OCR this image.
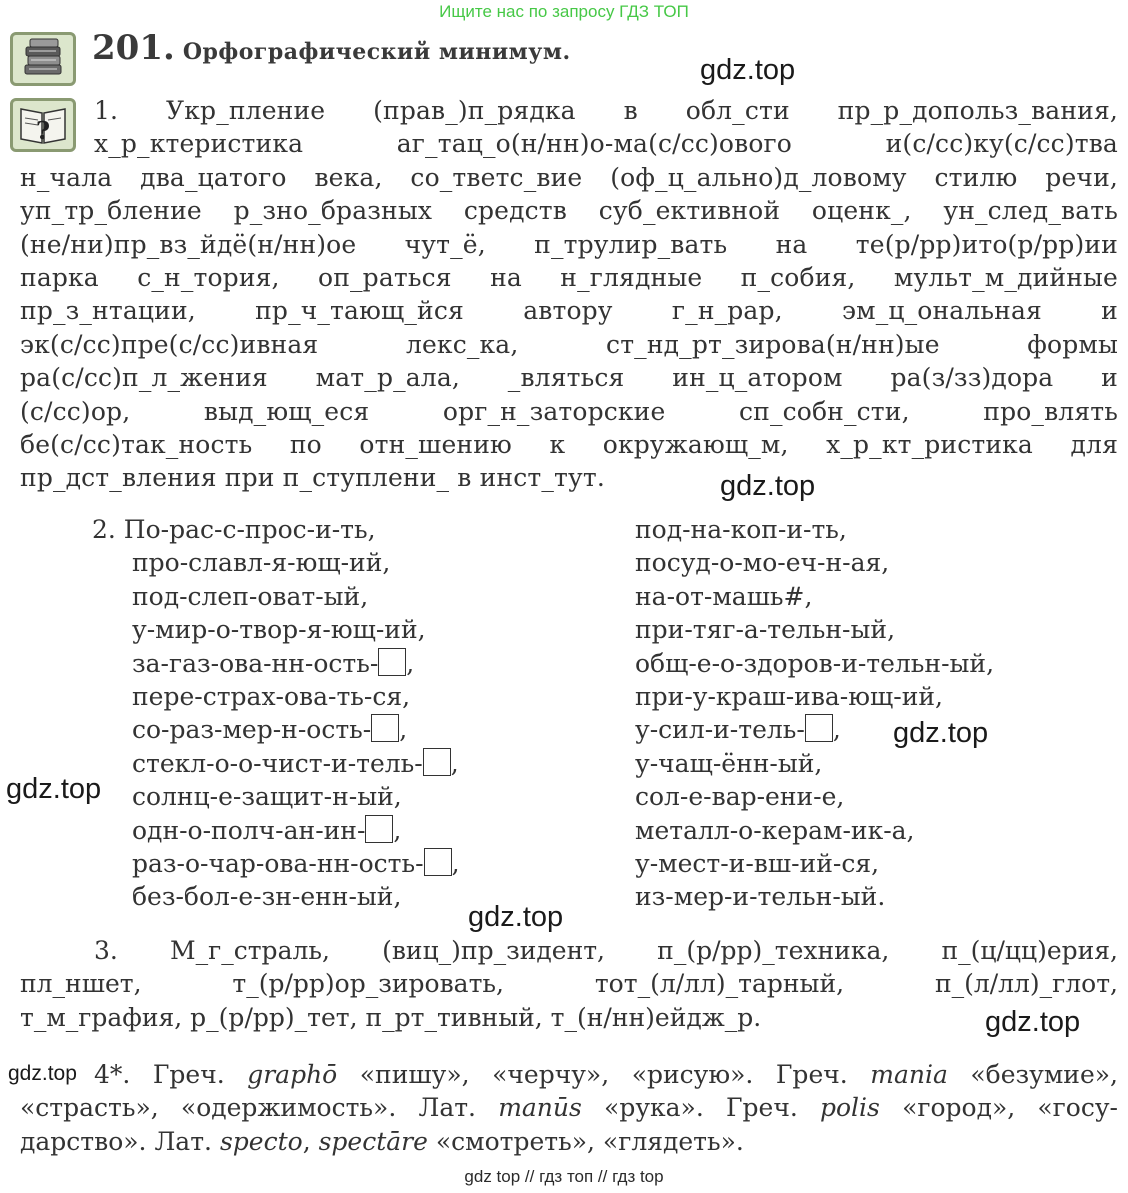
Ищите нас по запросу ГДЗ ТОП
?
201. Орфографический минимум.
1. Укр_пление (прав_)п_рядка в обл_сти пр_р_допольз_вания,
х_р_ктеристика аг_тац_о(н/нн)о-ма(с/сс)ового и(с/сс)ку(с/сс)тва
н_чала два_цатого века, со_тветс_вие (оф_ц_ально)д_ловому стилю речи,
уп_тр_бление р_зно_бразных средств суб_ективной оценк_, ун_след_вать
(не/ни)пр_вз_йдё(н/нн)ое чут_ё, п_трулир_вать на те(р/рр)ито(р/рр)ии
парка с_н_тория, оп_раться на н_глядные п_собия, мульт_м_дийные
пр_з_нтации, пр_ч_тающ_йся автору г_н_рар, эм_ц_ональная и
эк(с/сс)пре(с/сс)ивная лекс_ка, ст_нд_рт_зирова(н/нн)ые формы
ра(с/сс)п_л_жения мат_р_ала, _вляться ин_ц_атором ра(з/зз)дора и
(с/сс)ор, выд_ющ_еся орг_н_заторские сп_собн_сти, про_влять
бе(с/сс)так_ность по отн_шению к окружающ_м, х_р_кт_ристика для
пр_дст_вления при п_ступлени_ в инст_тут.
2. По-рас-с-прос-и-ть,
про-славл-я-ющ-ий,
под-слеп-оват-ый,
у-мир-о-твор-я-ющ-ий,
за-газ-ова-нн-ость- ,
пере-страх-ова-ть-ся,
со-раз-мер-н-ость- ,
стекл-о-о-чист-и-тель- ,
солнц-е-защит-н-ый,
одн-о-полч-ан-ин- ,
раз-о-чар-ова-нн-ость- ,
без-бол-е-зн-енн-ый,
под-на-коп-и-ть,
посуд-о-мо-еч-н-ая,
на-от-машь#,
при-тяг-а-тельн-ый,
общ-е-о-здоров-и-тельн-ый,
при-у-краш-ива-ющ-ий,
у-сил-и-тель- ,
у-чащ-ённ-ый,
сол-е-вар-ени-е,
металл-о-керам-ик-а,
у-мест-и-вш-ий-ся,
из-мер-и-тельн-ый.
3. М_г_страль, (виц_)пр_зидент, п_(р/рр)_техника, п_(ц/цц)ерия,
пл_ншет, т_(р/рр)ор_зировать, тот_(л/лл)_тарный, п_(л/лл)_глот,
т_м_графия, р_(р/рр)_тет, п_рт_тивный, т_(н/нн)ейдж_р.
4*. Греч. graphō «пишу», «черчу», «рисую». Греч. mania «безумие»,
«страсть», «одержимость». Лат. manūs «рука». Греч. polis «город», «госу-
дарство». Лат. specto, spectāre «смотреть», «глядеть».
gdz.top
gdz.top
gdz.top
gdz.top
gdz.top
gdz.top
gdz.top
gdz top // гдз топ // гдз top
